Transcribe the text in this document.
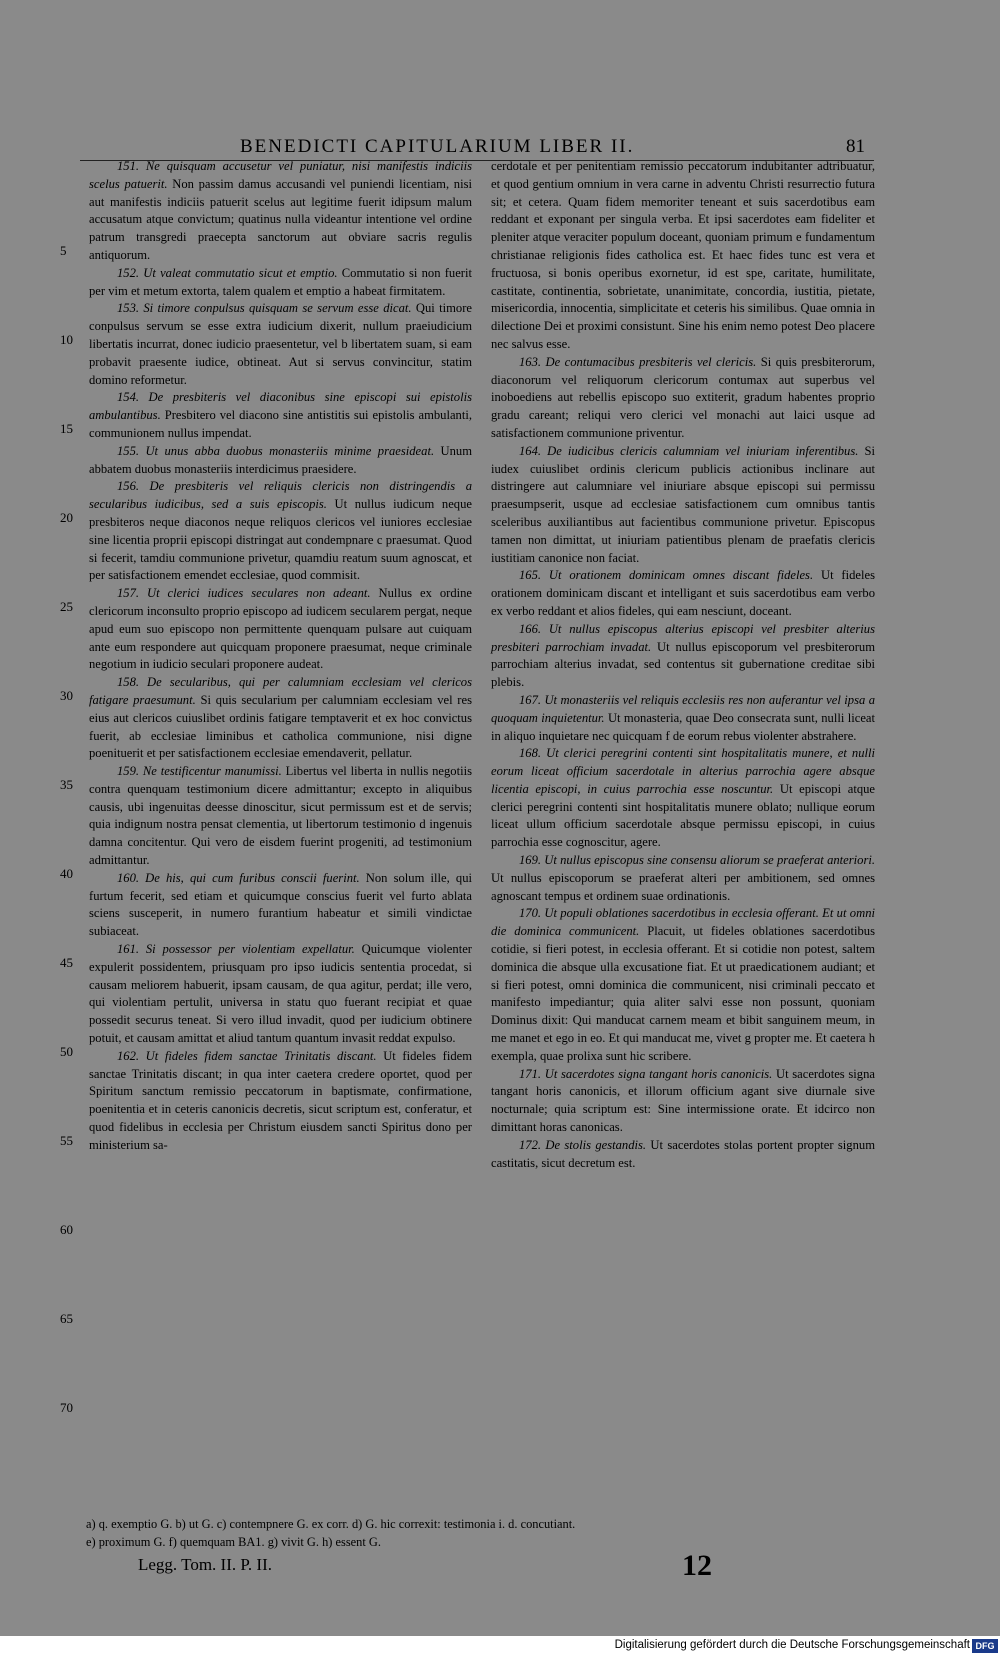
BENEDICTI CAPITULARIUM LIBER II.	81

151. Ne quisquam accusetur vel puniatur, nisi manifestis indiciis scelus patuerit. Non passim damus accusandi vel puniendi licentiam, nisi aut manifestis indiciis patuerit scelus aut legitime fuerit idipsum malum accusatum atque convictum; quatinus nulla videantur intentione vel ordine patrum transgredi praecepta sanctorum aut obviare sacris regulis antiquorum.

152. Ut valeat commutatio sicut et emptio. Commutatio si non fuerit per vim et metum extorta, talem qualem et emptio a habeat firmitatem.

153. Si timore conpulsus quisquam se servum esse dicat. Qui timore conpulsus servum se esse extra iudicium dixerit, nullum praeiudicium libertatis incurrat, donec iudicio praesentetur, vel b libertatem suam, si eam probavit praesente iudice, obtineat. Aut si servus convincitur, statim domino reformetur.

154. De presbiteris vel diaconibus sine episcopi sui epistolis ambulantibus. Presbitero vel diacono sine antistitis sui epistolis ambulanti, communionem nullus impendat.

155. Ut unus abba duobus monasteriis minime praesideat. Unum abbatem duobus monasteriis interdicimus praesidere.

156. De presbiteris vel reliquis clericis non distringendis a secularibus iudicibus, sed a suis episcopis. Ut nullus iudicum neque presbiteros neque diaconos neque reliquos clericos vel iuniores ecclesiae sine licentia proprii episcopi distringat aut condempnare c praesumat. Quod si fecerit, tamdiu communione privetur, quamdiu reatum suum agnoscat, et per satisfactionem emendet ecclesiae, quod commisit.

157. Ut clerici iudices seculares non adeant. Nullus ex ordine clericorum inconsulto proprio episcopo ad iudicem secularem pergat, neque apud eum suo episcopo non permittente quenquam pulsare aut cuiquam ante eum respondere aut quicquam proponere praesumat, neque criminale negotium in iudicio seculari proponere audeat.

158. De secularibus, qui per calumniam ecclesiam vel clericos fatigare praesumunt. Si quis secularium per calumniam ecclesiam vel res eius aut clericos cuiuslibet ordinis fatigare temptaverit et ex hoc convictus fuerit, ab ecclesiae liminibus et catholica communione, nisi digne poenituerit et per satisfactionem ecclesiae emendaverit, pellatur.

159. Ne testificentur manumissi. Libertus vel liberta in nullis negotiis contra quenquam testimonium dicere admittantur; excepto in aliquibus causis, ubi ingenuitas deesse dinoscitur, sicut permissum est et de servis; quia indignum nostra pensat clementia, ut libertorum testimonio d ingenuis damna concitentur. Qui vero de eisdem fuerint progeniti, ad testimonium admittantur.

160. De his, qui cum furibus conscii fuerint. Non solum ille, qui furtum fecerit, sed etiam et quicumque conscius fuerit vel furto ablata sciens susceperit, in numero furantium habeatur et simili vindictae subiaceat.

161. Si possessor per violentiam expellatur. Quicumque violenter expulerit possidentem, priusquam pro ipso iudicis sententia procedat, si causam meliorem habuerit, ipsam causam, de qua agitur, perdat; ille vero, qui violentiam pertulit, universa in statu quo fuerant recipiat et quae possedit securus teneat. Si vero illud invadit, quod per iudicium obtinere potuit, et causam amittat et aliud tantum quantum invasit reddat expulso.

162. Ut fideles fidem sanctae Trinitatis discant. Ut fideles fidem sanctae Trinitatis discant; in qua inter caetera credere oportet, quod per Spiritum sanctum remissio peccatorum in baptismate, confirmatione, poenitentia et in ceteris canonicis decretis, sicut scriptum est, conferatur, et quod fidelibus in ecclesia per Christum eiusdem sancti Spiritus dono per ministerium sa-

cerdotale et per penitentiam remissio peccatorum indubitanter adtribuatur, et quod gentium omnium in vera carne in adventu Christi resurrectio futura sit; et cetera. Quam fidem memoriter teneant et suis sacerdotibus eam reddant et exponant per singula verba. Et ipsi sacerdotes eam fideliter et pleniter atque veraciter populum doceant, quoniam primum e fundamentum christianae religionis fides catholica est. Et haec fides tunc est vera et fructuosa, si bonis operibus exornetur, id est spe, caritate, humilitate, castitate, continentia, sobrietate, unanimitate, concordia, iustitia, pietate, misericordia, innocentia, simplicitate et ceteris his similibus. Quae omnia in dilectione Dei et proximi consistunt. Sine his enim nemo potest Deo placere nec salvus esse.

163. De contumacibus presbiteris vel clericis. Si quis presbiterorum, diaconorum vel reliquorum clericorum contumax aut superbus vel inoboediens aut rebellis episcopo suo extiterit, gradum habentes proprio gradu careant; reliqui vero clerici vel monachi aut laici usque ad satisfactionem communione priventur.

164. De iudicibus clericis calumniam vel iniuriam inferentibus. Si iudex cuiuslibet ordinis clericum publicis actionibus inclinare aut distringere aut calumniare vel iniuriare absque episcopi sui permissu praesumpserit, usque ad ecclesiae satisfactionem cum omnibus tantis sceleribus auxiliantibus aut facientibus communione privetur. Episcopus tamen non dimittat, ut iniuriam patientibus plenam de praefatis clericis iustitiam canonice non faciat.

165. Ut orationem dominicam omnes discant fideles. Ut fideles orationem dominicam discant et intelligant et suis sacerdotibus eam verbo ex verbo reddant et alios fideles, qui eam nesciunt, doceant.

166. Ut nullus episcopus alterius episcopi vel presbiter alterius presbiteri parrochiam invadat. Ut nullus episcoporum vel presbiterorum parrochiam alterius invadat, sed contentus sit gubernatione creditae sibi plebis.

167. Ut monasteriis vel reliquis ecclesiis res non auferantur vel ipsa a quoquam inquietentur. Ut monasteria, quae Deo consecrata sunt, nulli liceat in aliquo inquietare nec quicquam f de eorum rebus violenter abstrahere.

168. Ut clerici peregrini contenti sint hospitalitatis munere, et nulli eorum liceat officium sacerdotale in alterius parrochia agere absque licentia episcopi, in cuius parrochia esse noscuntur. Ut episcopi atque clerici peregrini contenti sint hospitalitatis munere oblato; nullique eorum liceat ullum officium sacerdotale absque permissu episcopi, in cuius parrochia esse cognoscitur, agere.

169. Ut nullus episcopus sine consensu aliorum se praeferat anteriori. Ut nullus episcoporum se praeferat alteri per ambitionem, sed omnes agnoscant tempus et ordinem suae ordinationis.

170. Ut populi oblationes sacerdotibus in ecclesia offerant. Et ut omni die dominica communicent. Placuit, ut fideles oblationes sacerdotibus cotidie, si fieri potest, in ecclesia offerant. Et si cotidie non potest, saltem dominica die absque ulla excusatione fiat. Et ut praedicationem audiant; et si fieri potest, omni dominica die communicent, nisi criminali peccato et manifesto impediantur; quia aliter salvi esse non possunt, quoniam Dominus dixit: Qui manducat carnem meam et bibit sanguinem meum, in me manet et ego in eo. Et qui manducat me, vivet g propter me. Et caetera h exempla, quae prolixa sunt hic scribere.

171. Ut sacerdotes signa tangant horis canonicis. Ut sacerdotes signa tangant horis canonicis, et illorum officium agant sive diurnale sive nocturnale; quia scriptum est: Sine intermissione orate. Et idcirco non dimittant horas canonicas.

172. De stolis gestandis. Ut sacerdotes stolas portent propter signum castitatis, sicut decretum est.

5
10
15
20
25
30
35
40
45
50
55
60
65
70
a) q. exemptio G. b) ut G. c) contempnere G. ex corr. d) G. hic correxit: testimonia i. d. concutiant.
e) proximum G. f) quemquam BA1. g) vivit G. h) essent G.
Legg. Tom. II. P. II.	12
Digitalisierung gefördert durch die Deutsche Forschungsgemeinschaft DFG
